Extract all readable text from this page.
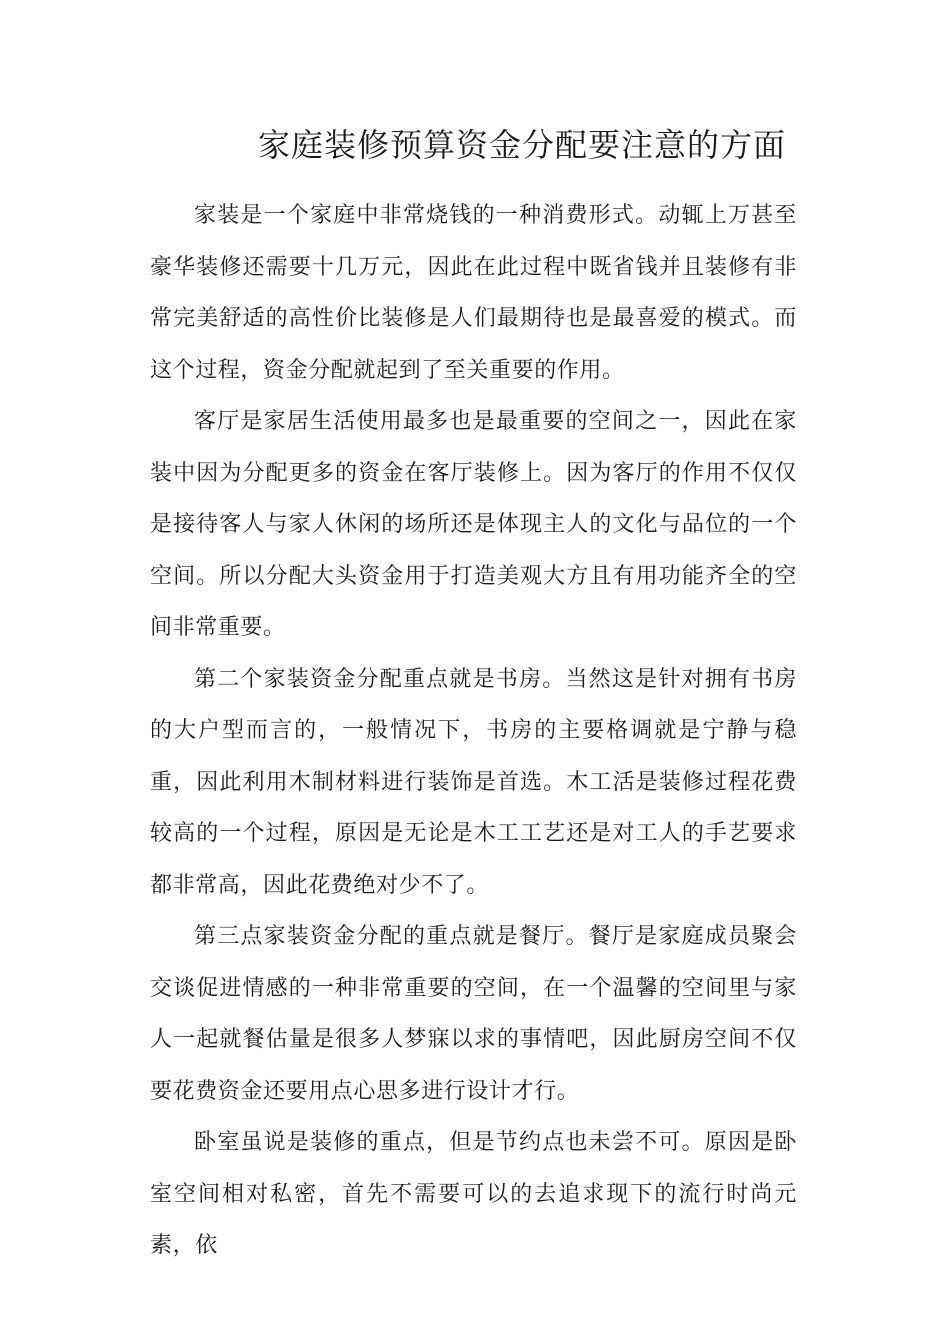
家庭装修预算资金分配要注意的方面

家装是一个家庭中非常烧钱的一种消费形式。动辄上万甚至豪华装修还需要十几万元，因此在此过程中既省钱并且装修有非常完美舒适的高性价比装修是人们最期待也是最喜爱的模式。而这个过程，资金分配就起到了至关重要的作用。

客厅是家居生活使用最多也是最重要的空间之一，因此在家装中因为分配更多的资金在客厅装修上。因为客厅的作用不仅仅是接待客人与家人休闲的场所还是体现主人的文化与品位的一个空间。所以分配大头资金用于打造美观大方且有用功能齐全的空间非常重要。

第二个家装资金分配重点就是书房。当然这是针对拥有书房的大户型而言的，一般情况下，书房的主要格调就是宁静与稳重，因此利用木制材料进行装饰是首选。木工活是装修过程花费较高的一个过程，原因是无论是木工工艺还是对工人的手艺要求都非常高，因此花费绝对少不了。

第三点家装资金分配的重点就是餐厅。餐厅是家庭成员聚会交谈促进情感的一种非常重要的空间，在一个温馨的空间里与家人一起就餐估量是很多人梦寐以求的事情吧，因此厨房空间不仅要花费资金还要用点心思多进行设计才行。

卧室虽说是装修的重点，但是节约点也未尝不可。原因是卧室空间相对私密，首先不需要可以的去追求现下的流行时尚元素，依
